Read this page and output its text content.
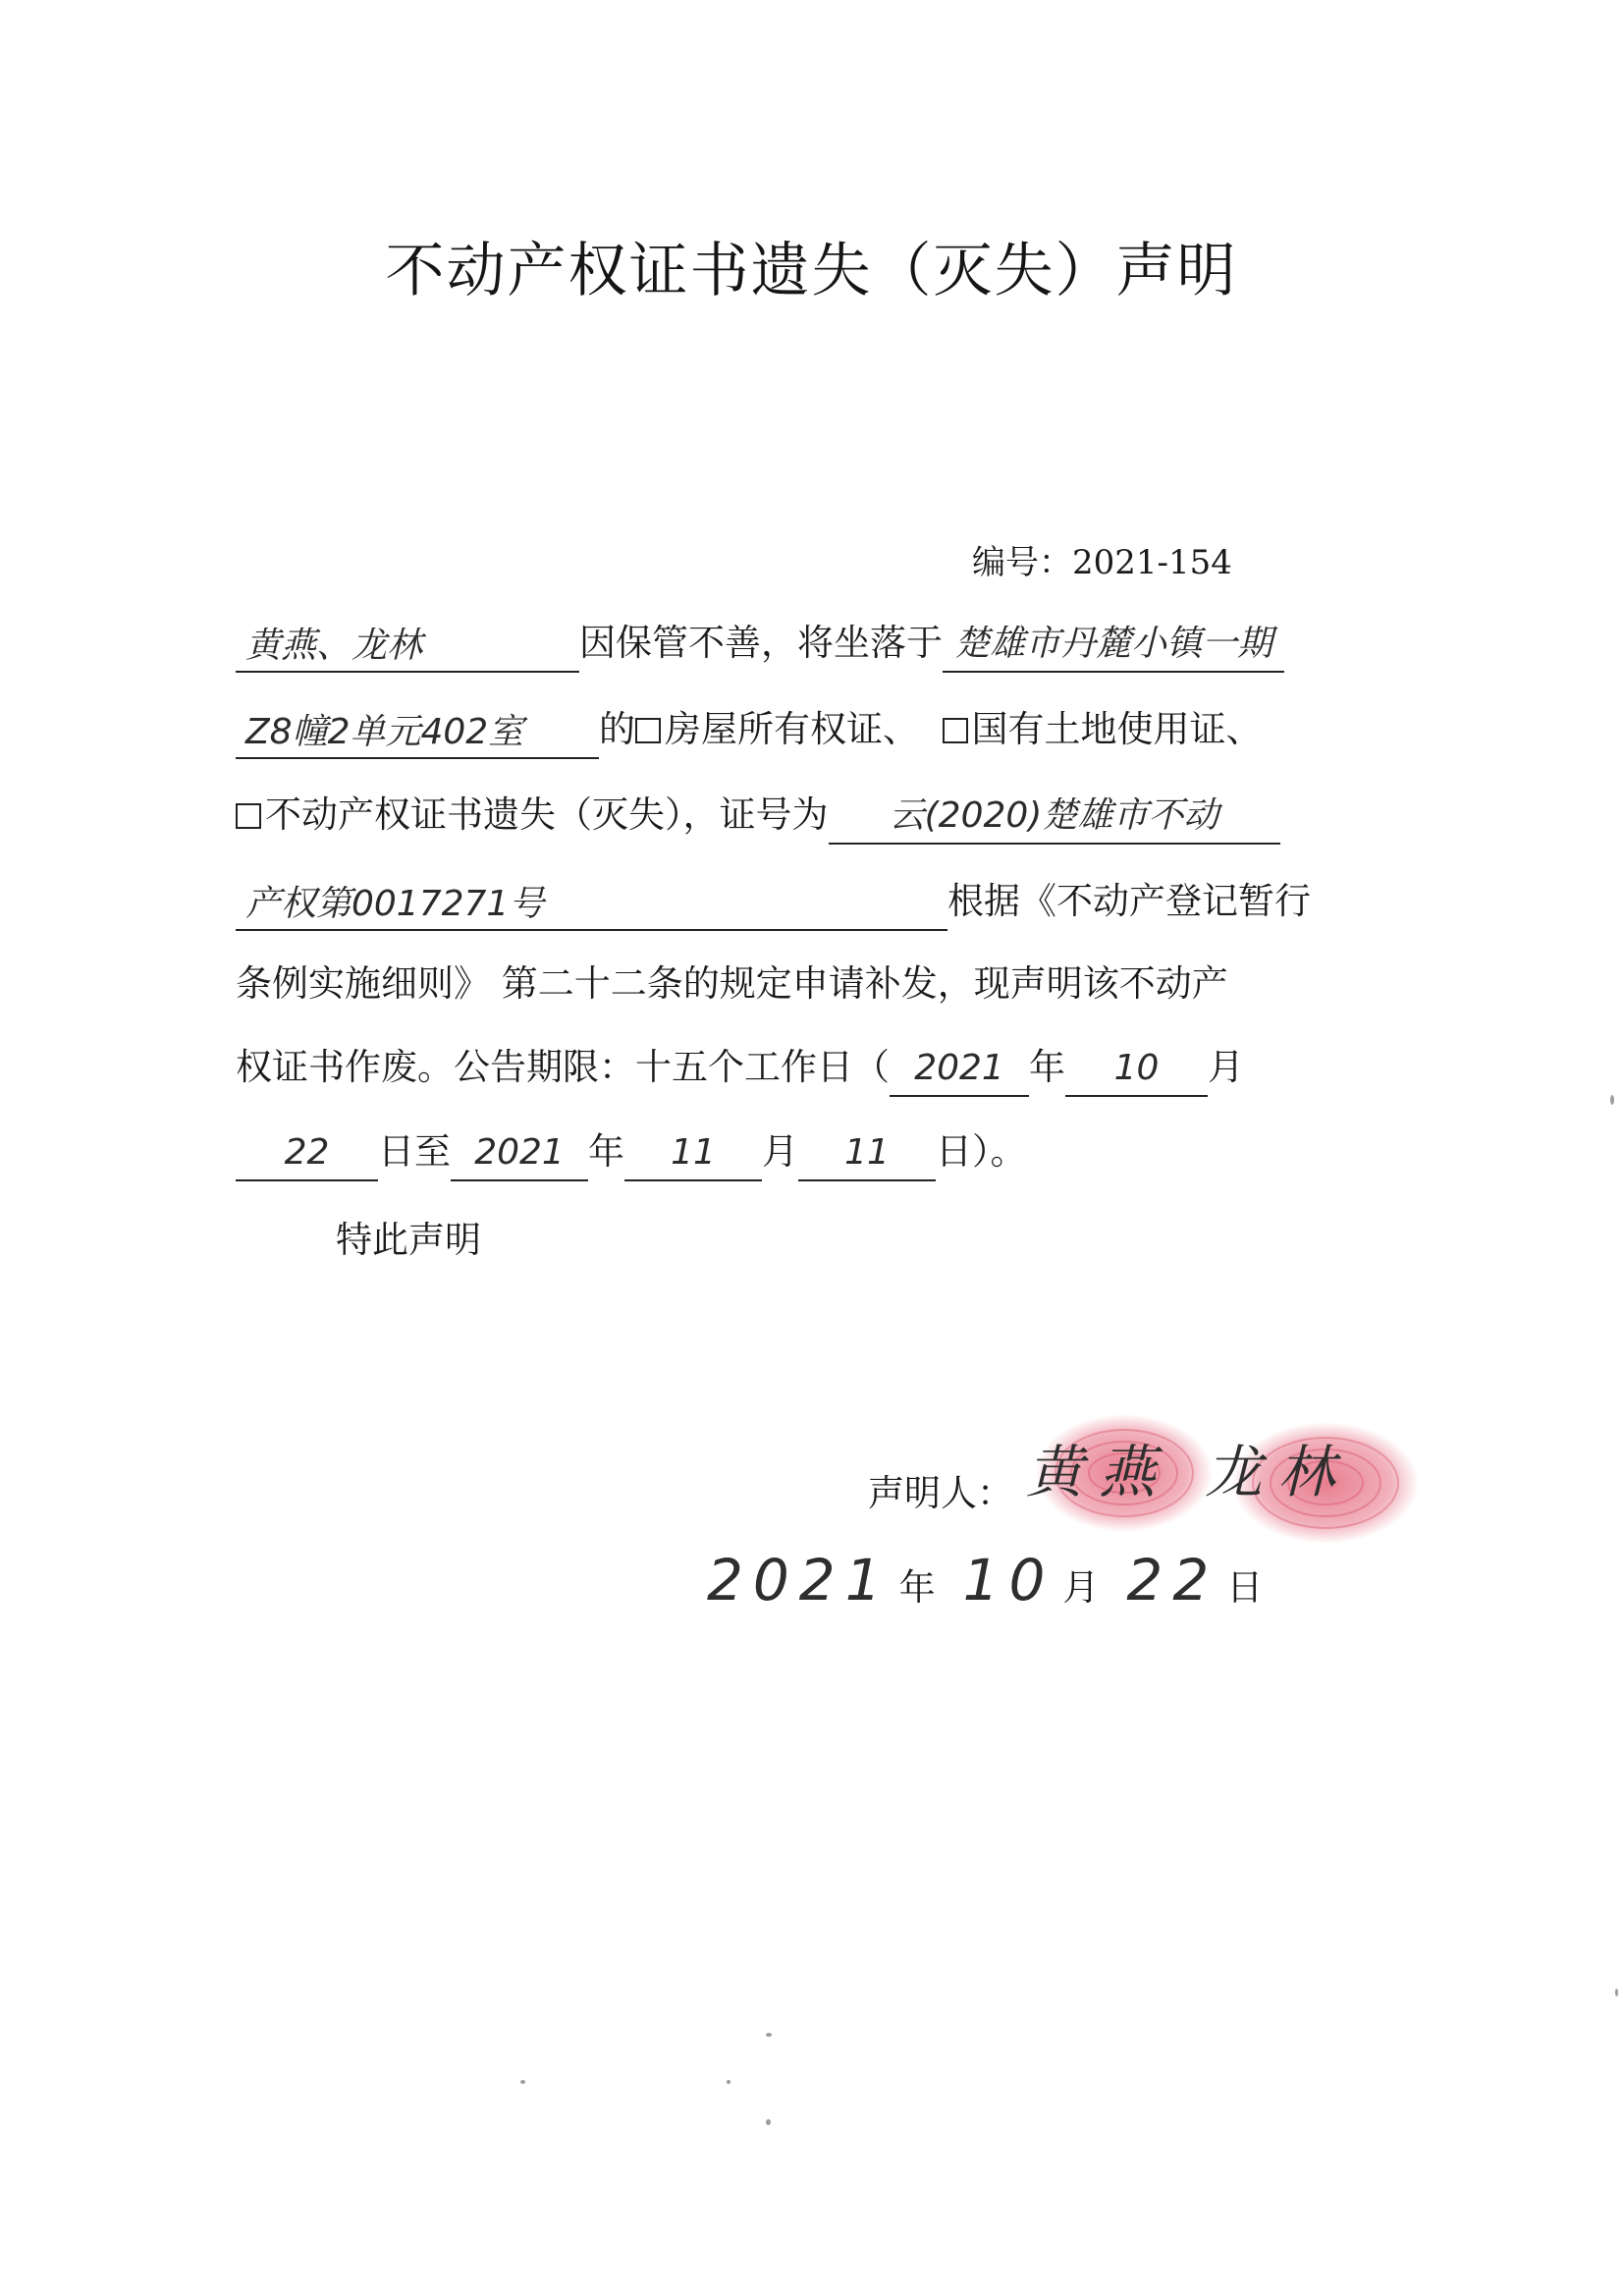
不动产权证书遗失（灭失）声明
编号：2021-154
黄燕、龙林	因保管不善，将坐落于 楚雄市丹麓小镇一期
Z8幢2单元402室 的 房屋所有权证、 国有土地使用证、
不动产权证书遗失（灭失），证号为 云(2020)楚雄市不动
产权第0017271号	根据《不动产登记暂行
条例实施细则》 第二十二条的规定申请补发，现声明该不动产
权证书作废。公告期限：十五个工作日（ 2021 年 10 月
22 日至 2021 年 11 月 11 日）。
特此声明
声明人： 黄燕 龙林
2021 年 10 月 22 日
